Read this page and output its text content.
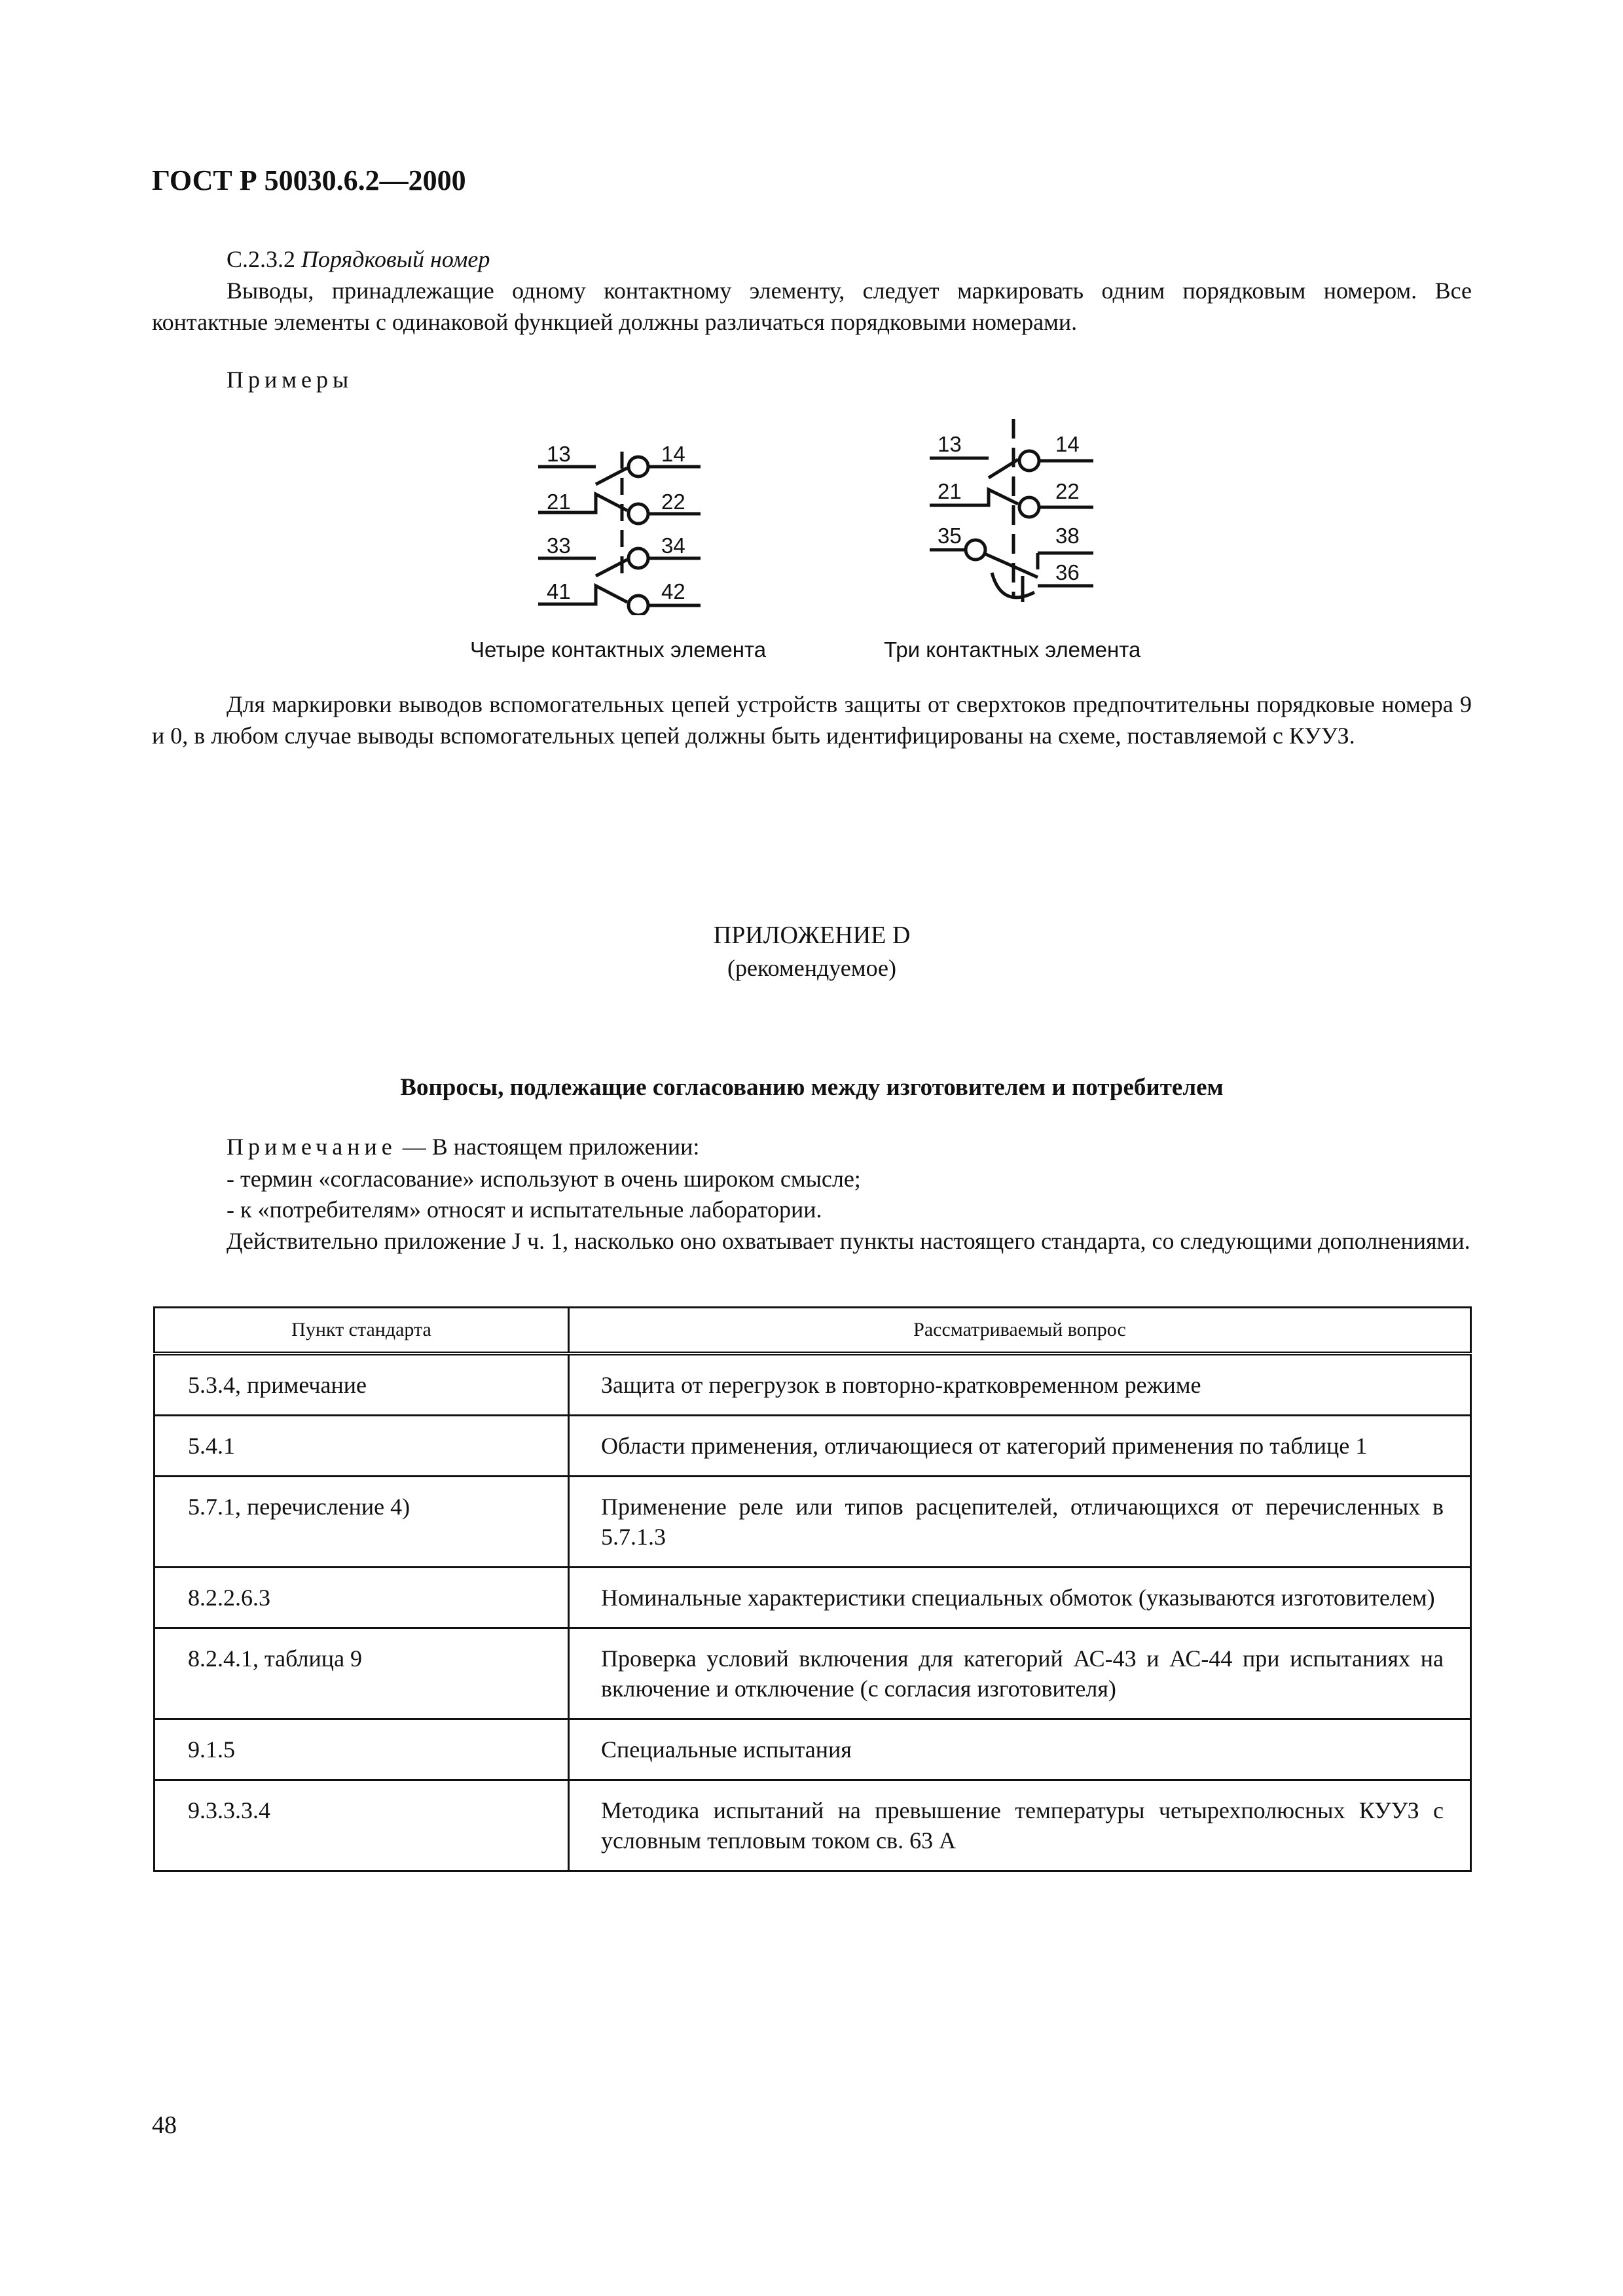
ГОСТ Р 50030.6.2—2000
С.2.3.2 Порядковый номер
Выводы, принадлежащие одному контактному элементу, следует маркировать одним порядковым номером. Все контактные элементы с одинаковой функцией должны различаться порядковыми номерами.
Примеры
13	14
21	22
33	34
41	42
Четыре контактных элемента
13	14
21	22
35	38
36
Три контактных элемента
Для маркировки выводов вспомогательных цепей устройств защиты от сверхтоков предпочтительны порядковые номера 9 и 0, в любом случае выводы вспомогательных цепей должны быть идентифицированы на схеме, поставляемой с КУУЗ.
ПРИЛОЖЕНИЕ D
(рекомендуемое)
Вопросы, подлежащие согласованию между изготовителем и потребителем
Примечание — В настоящем приложении:
- термин «согласование» используют в очень широком смысле;
- к «потребителям» относят и испытательные лаборатории.
Действительно приложение J ч. 1, насколько оно охватывает пункты настоящего стандарта, со следующими дополнениями.
Пункт стандарта	Рассматриваемый вопрос
5.3.4, примечание	Защита от перегрузок в повторно-кратковременном режиме
5.4.1	Области применения, отличающиеся от категорий применения по таблице 1
5.7.1, перечисление 4)	Применение реле или типов расцепителей, отличающихся от перечисленных в 5.7.1.3
8.2.2.6.3	Номинальные характеристики специальных обмоток (указываются изготовителем)
8.2.4.1, таблица 9	Проверка условий включения для категорий АС-43 и АС-44 при испытаниях на включение и отключение (с согласия изготовителя)
9.1.5	Специальные испытания
9.3.3.3.4	Методика испытаний на превышение температуры четырехполюсных КУУЗ с условным тепловым током св. 63 А
48
